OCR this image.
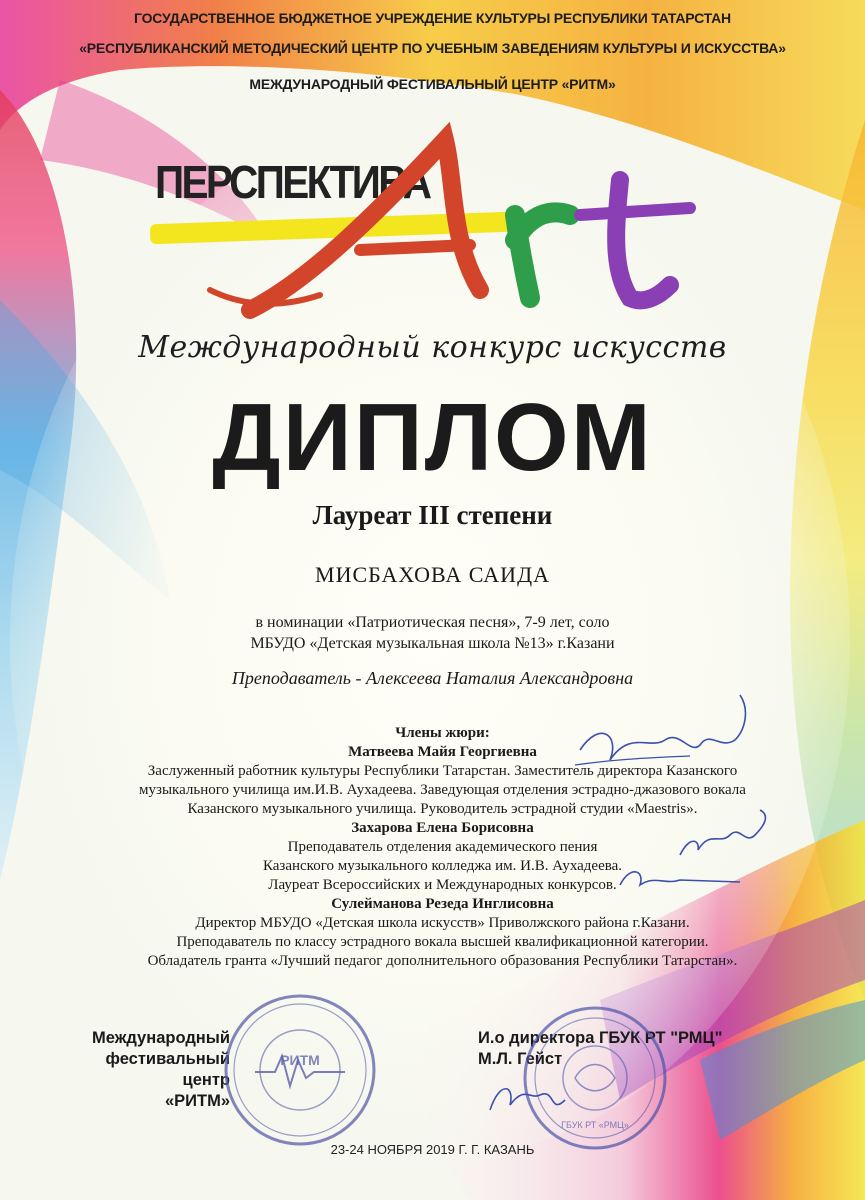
ГОСУДАРСТВЕННОЕ БЮДЖЕТНОЕ УЧРЕЖДЕНИЕ КУЛЬТУРЫ РЕСПУБЛИКИ ТАТАРСТАН
«РЕСПУБЛИКАНСКИЙ МЕТОДИЧЕСКИЙ ЦЕНТР ПО УЧЕБНЫМ ЗАВЕДЕНИЯМ КУЛЬТУРЫ И ИСКУССТВА»
МЕЖДУНАРОДНЫЙ ФЕСТИВАЛЬНЫЙ ЦЕНТР «РИТМ»
ПЕРСПЕКТИВА
Международный конкурс искусств
ДИПЛОМ
Лауреат III степени
МИСБАХОВА САИДА
в номинации «Патриотическая песня», 7-9 лет, соло
МБУДО «Детская музыкальная школа №13» г.Казани
Преподаватель - Алексеева Наталия Александровна
Члены жюри:
Матвеева Майя Георгиевна
Заслуженный работник культуры Республики Татарстан. Заместитель директора Казанского
музыкального училища им.И.В. Аухадеева. Заведующая отделения эстрадно-джазового вокала
Казанского музыкального училища. Руководитель эстрадной студии «Maestris».
Захарова Елена Борисовна
Преподаватель отделения академического пения
Казанского музыкального колледжа им. И.В. Аухадеева.
Лауреат Всероссийских и Международных конкурсов.
Сулейманова Резеда Инглисовна
Директор МБУДО «Детская школа искусств» Приволжского района г.Казани.
Преподаватель по классу эстрадного вокала высшей квалификационной категории.
Обладатель гранта «Лучший педагог дополнительного образования Республики Татарстан».
Международный
фестивальный центр
«РИТМ»
РИТМ
И.о директора ГБУК РТ "РМЦ"
М.Л. Гейст
ГБУК РТ «РМЦ»
23-24 НОЯБРЯ 2019 Г. Г. КАЗАНЬ
